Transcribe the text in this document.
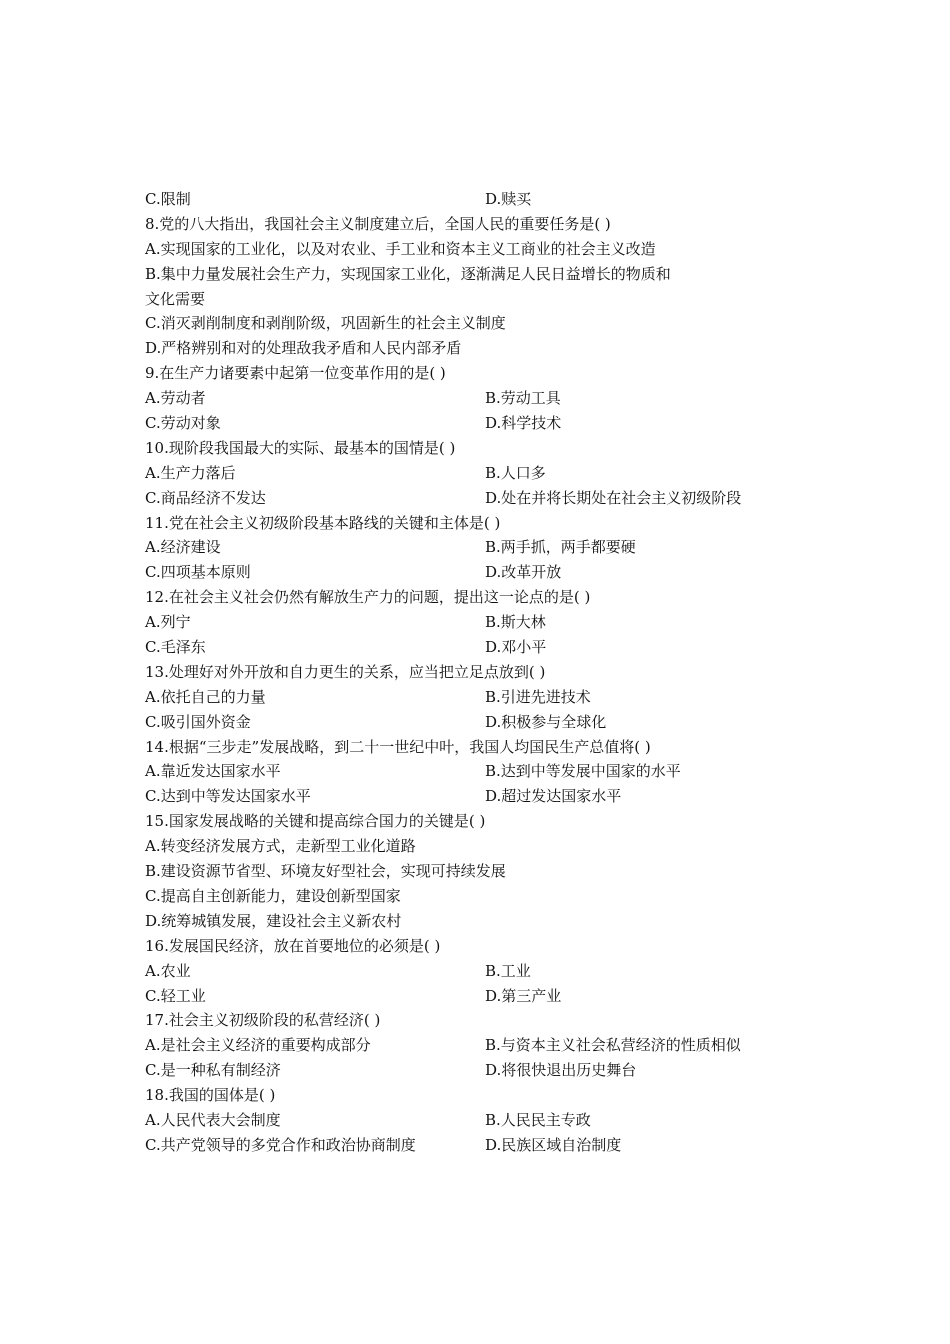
C.限制	D.赎买
8.党的八大指出，我国社会主义制度建立后，全国人民的重要任务是( )
A.实现国家的工业化，以及对农业、手工业和资本主义工商业的社会主义改造
B.集中力量发展社会生产力，实现国家工业化，逐渐满足人民日益增长的物质和
文化需要
C.消灭剥削制度和剥削阶级，巩固新生的社会主义制度
D.严格辨别和对的处理敌我矛盾和人民内部矛盾
9.在生产力诸要素中起第一位变革作用的是( )
A.劳动者	B.劳动工具
C.劳动对象	D.科学技术
10.现阶段我国最大的实际、最基本的国情是( )
A.生产力落后	B.人口多
C.商品经济不发达	D.处在并将长期处在社会主义初级阶段
11.党在社会主义初级阶段基本路线的关键和主体是( )
A.经济建设	B.两手抓，两手都要硬
C.四项基本原则	D.改革开放
12.在社会主义社会仍然有解放生产力的问题，提出这一论点的是( )
A.列宁	B.斯大林
C.毛泽东	D.邓小平
13.处理好对外开放和自力更生的关系，应当把立足点放到( )
A.依托自己的力量	B.引进先进技术
C.吸引国外资金	D.积极参与全球化
14.根据“三步走”发展战略，到二十一世纪中叶，我国人均国民生产总值将( )
A.靠近发达国家水平	B.达到中等发展中国家的水平
C.达到中等发达国家水平	D.超过发达国家水平
15.国家发展战略的关键和提高综合国力的关键是( )
A.转变经济发展方式，走新型工业化道路
B.建设资源节省型、环境友好型社会，实现可持续发展
C.提高自主创新能力，建设创新型国家
D.统筹城镇发展，建设社会主义新农村
16.发展国民经济，放在首要地位的必须是( )
A.农业	B.工业
C.轻工业	D.第三产业
17.社会主义初级阶段的私营经济( )
A.是社会主义经济的重要构成部分	B.与资本主义社会私营经济的性质相似
C.是一种私有制经济	D.将很快退出历史舞台
18.我国的国体是( )
A.人民代表大会制度	B.人民民主专政
C.共产党领导的多党合作和政治协商制度	D.民族区域自治制度
